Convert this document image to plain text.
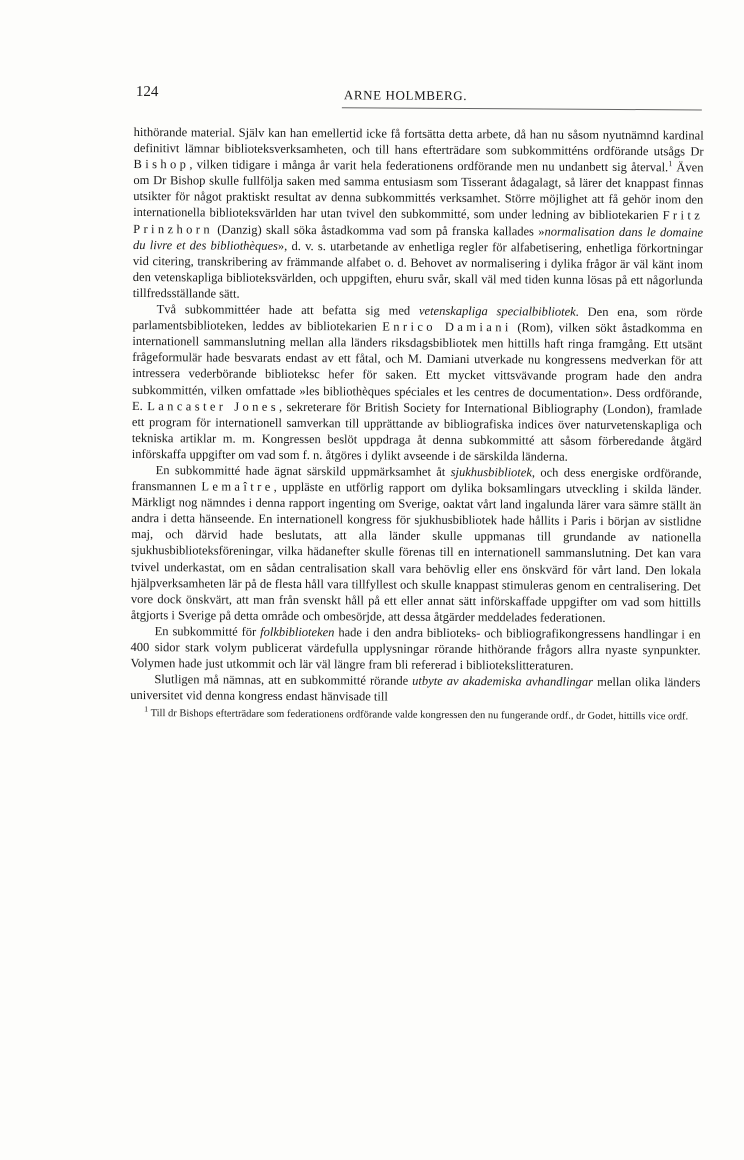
124	ARNE HOLMBERG.

hithörande material. Själv kan han emellertid icke få fortsätta detta arbete, då han nu såsom nyutnämnd kardinal definitivt lämnar biblioteksverksamheten, och till hans efterträdare som subkommitténs ordförande utsågs Dr Bishop, vilken tidigare i många år varit hela federationens ordförande men nu undanbett sig återval.$^1$ Även om Dr Bishop skulle fullfölja saken med samma entusiasm som Tisserant ådagalagt, så lärer det knappast finnas utsikter för något praktiskt resultat av denna subkommittés verksamhet. Större möjlighet att få gehör inom den internationella biblioteksvärlden har utan tvivel den subkommitté, som under ledning av bibliotekarien Fritz Prinzhorn (Danzig) skall söka åstadkomma vad som på franska kallades »normalisation dans le domaine du livre et des bibliothèques», d. v. s. utarbetande av enhetliga regler för alfabetisering, enhetliga förkortningar vid citering, transkribering av främmande alfabet o. d. Behovet av normalisering i dylika frågor är väl känt inom den vetenskapliga biblioteksvärlden, och uppgiften, ehuru svår, skall väl med tiden kunna lösas på ett någorlunda tillfredsställande sätt.

Två subkommittéer hade att befatta sig med vetenskapliga specialbibliotek. Den ena, som rörde parlamentsbiblioteken, leddes av bibliotekarien Enrico Damiani (Rom), vilken sökt åstadkomma en internationell sammanslutning mellan alla länders riksdagsbibliotek men hittills haft ringa framgång. Ett utsänt frågeformulär hade besvarats endast av ett fåtal, och M. Damiani utverkade nu kongressens medverkan för att intressera vederbörande biblioteksc hefer för saken. Ett mycket vittsvävande program hade den andra subkommittén, vilken omfattade »les bibliothèques spéciales et les centres de documentation». Dess ordförande, E. Lancaster Jones, sekreterare för British Society for International Bibliography (London), framlade ett program för internationell samverkan till upprättande av bibliografiska indices över naturvetenskapliga och tekniska artiklar m. m. Kongressen beslöt uppdraga åt denna subkommitté att såsom förberedande åtgärd införskaffa uppgifter om vad som f. n. åtgöres i dylikt avseende i de särskilda länderna.

En subkommitté hade ägnat särskild uppmärksamhet åt sjukhusbibliotek, och dess energiske ordförande, fransmannen Lemaître, uppläste en utförlig rapport om dylika boksamlingars utveckling i skilda länder. Märkligt nog nämndes i denna rapport ingenting om Sverige, oaktat vårt land ingalunda lärer vara sämre ställt än andra i detta hänseende. En internationell kongress för sjukhusbibliotek hade hållits i Paris i början av sistlidne maj, och därvid hade beslutats, att alla länder skulle uppmanas till grundande av nationella sjukhusbiblioteksföreningar, vilka hädanefter skulle förenas till en internationell sammanslutning. Det kan vara tvivel underkastat, om en sådan centralisation skall vara behövlig eller ens önskvärd för vårt land. Den lokala hjälpverksamheten lär på de flesta håll vara tillfyllest och skulle knappast stimuleras genom en centralisering. Det vore dock önskvärt, att man från svenskt håll på ett eller annat sätt införskaffade uppgifter om vad som hittills åtgjorts i Sverige på detta område och ombesörjde, att dessa åtgärder meddelades federationen.

En subkommitté för folkbiblioteken hade i den andra biblioteks- och bibliografikongressens handlingar i en 400 sidor stark volym publicerat värdefulla upplysningar rörande hithörande frågors allra nyaste synpunkter. Volymen hade just utkommit och lär väl längre fram bli refererad i bibliotekslitteraturen.

Slutligen må nämnas, att en subkommitté rörande utbyte av akademiska avhandlingar mellan olika länders universitet vid denna kongress endast hänvisade till

$^1$ Till dr Bishops efterträdare som federationens ordförande valde kongressen den nu fungerande ordf., dr Godet, hittills vice ordf.
